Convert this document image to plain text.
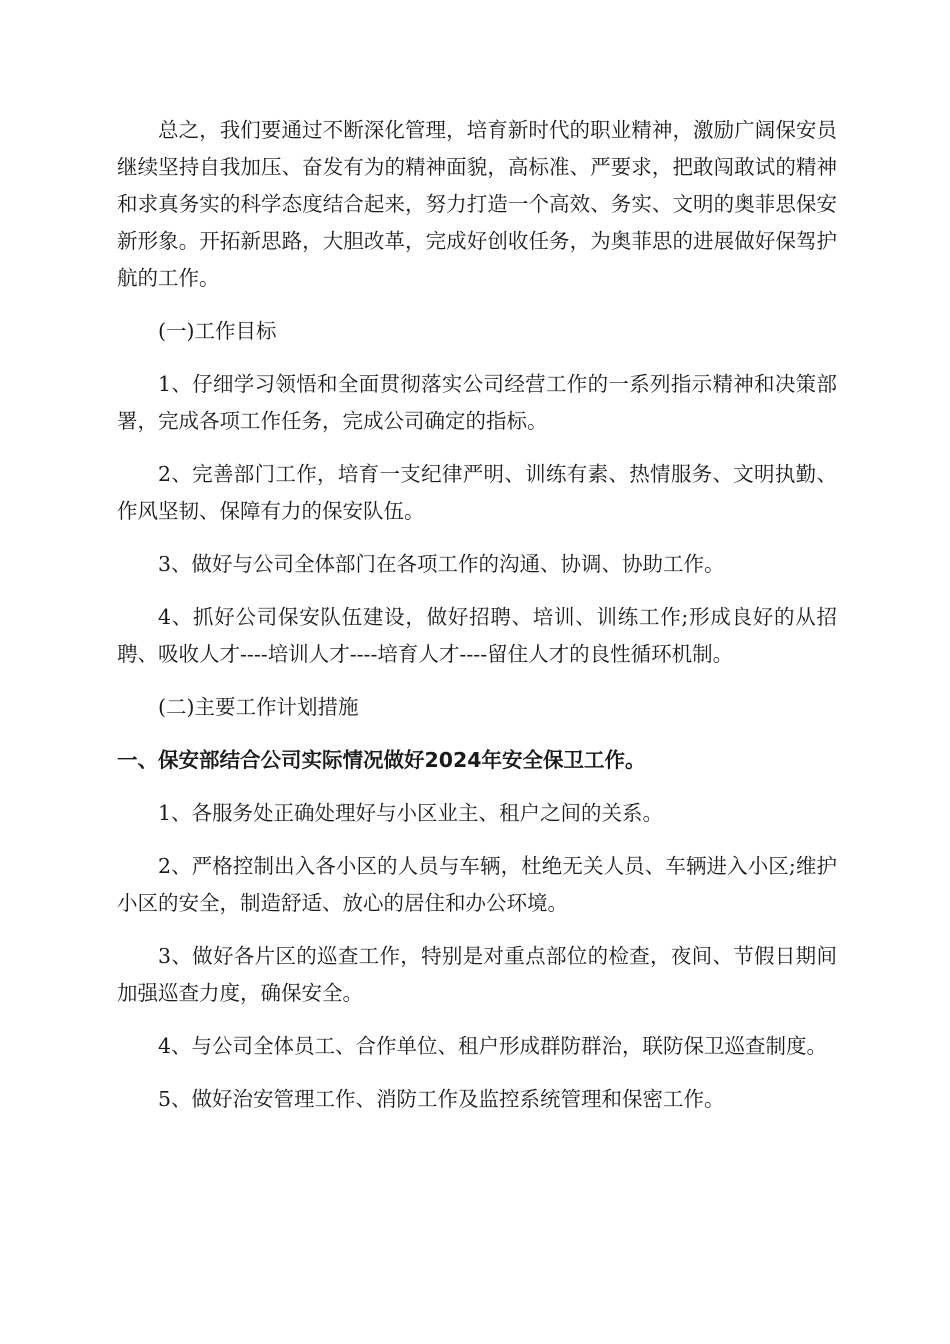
总之，我们要通过不断深化管理，培育新时代的职业精神，激励广阔保安员继续坚持自我加压、奋发有为的精神面貌，高标准、严要求，把敢闯敢试的精神和求真务实的科学态度结合起来，努力打造一个高效、务实、文明的奥菲思保安新形象。开拓新思路，大胆改革，完成好创收任务，为奥菲思的进展做好保驾护航的工作。

(一)工作目标

1、仔细学习领悟和全面贯彻落实公司经营工作的一系列指示精神和决策部署，完成各项工作任务，完成公司确定的指标。

2、完善部门工作，培育一支纪律严明、训练有素、热情服务、文明执勤、作风坚韧、保障有力的保安队伍。

3、做好与公司全体部门在各项工作的沟通、协调、协助工作。

4、抓好公司保安队伍建设，做好招聘、培训、训练工作;形成良好的从招聘、吸收人才----培训人才----培育人才----留住人才的良性循环机制。

(二)主要工作计划措施

一、保安部结合公司实际情况做好2024年安全保卫工作。

1、各服务处正确处理好与小区业主、租户之间的关系。

2、严格控制出入各小区的人员与车辆，杜绝无关人员、车辆进入小区;维护小区的安全，制造舒适、放心的居住和办公环境。

3、做好各片区的巡查工作，特别是对重点部位的检查，夜间、节假日期间加强巡查力度，确保安全。

4、与公司全体员工、合作单位、租户形成群防群治，联防保卫巡查制度。

5、做好治安管理工作、消防工作及监控系统管理和保密工作。
